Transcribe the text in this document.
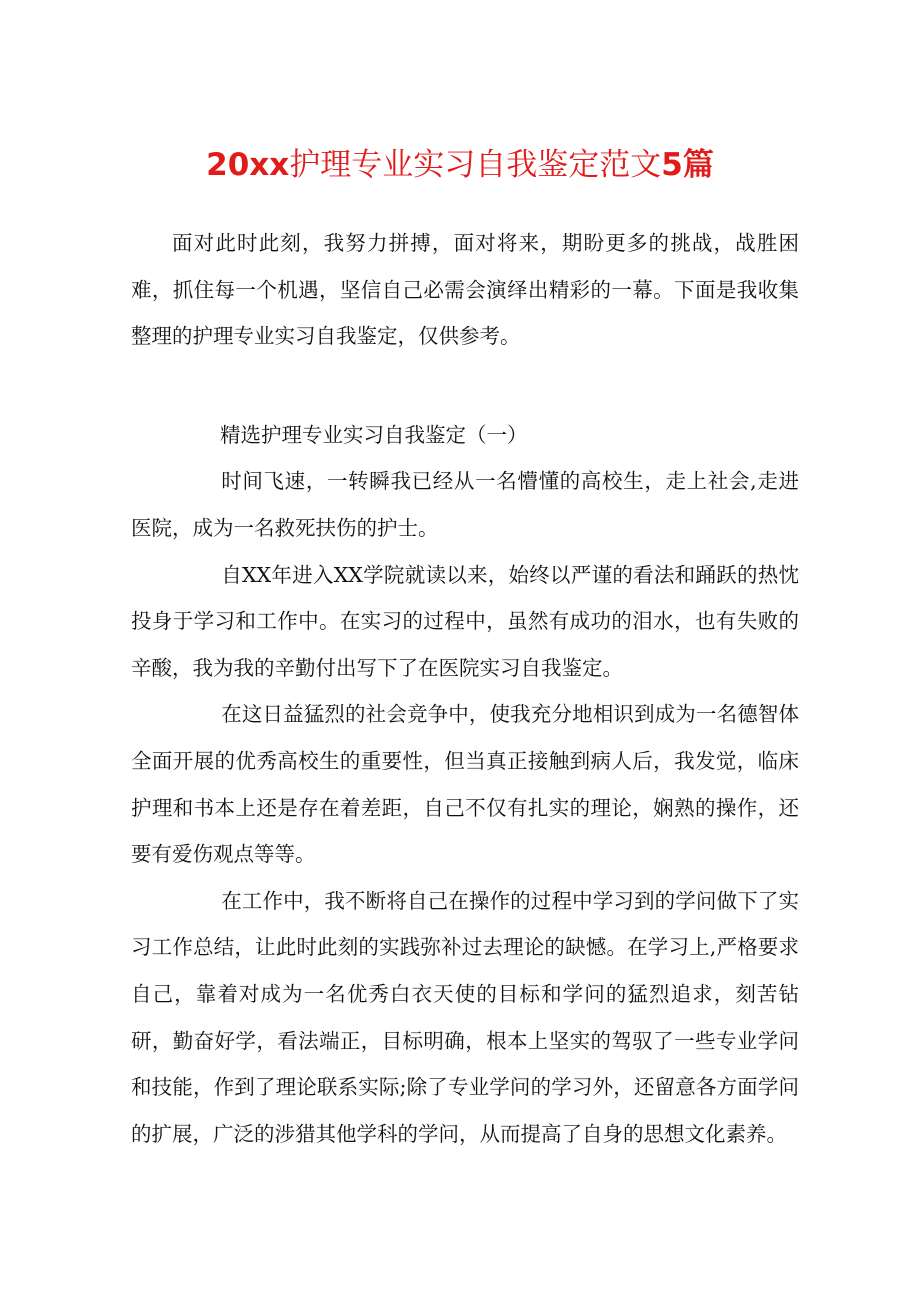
20xx护理专业实习自我鉴定范文5篇

面对此时此刻，我努力拼搏，面对将来，期盼更多的挑战，战胜困难，抓住每一个机遇，坚信自己必需会演绎出精彩的一幕。下面是我收集整理的护理专业实习自我鉴定，仅供参考。

精选护理专业实习自我鉴定（一）

时间飞速，一转瞬我已经从一名懵懂的高校生，走上社会,走进医院，成为一名救死扶伤的护士。

自XX年进入XX学院就读以来，始终以严谨的看法和踊跃的热忱投身于学习和工作中。在实习的过程中，虽然有成功的泪水，也有失败的辛酸，我为我的辛勤付出写下了在医院实习自我鉴定。

在这日益猛烈的社会竞争中，使我充分地相识到成为一名德智体全面开展的优秀高校生的重要性，但当真正接触到病人后，我发觉，临床护理和书本上还是存在着差距，自己不仅有扎实的理论，娴熟的操作，还要有爱伤观点等等。

在工作中，我不断将自己在操作的过程中学习到的学问做下了实习工作总结，让此时此刻的实践弥补过去理论的缺憾。在学习上,严格要求自己，靠着对成为一名优秀白衣天使的目标和学问的猛烈追求，刻苦钻研，勤奋好学，看法端正，目标明确，根本上坚实的驾驭了一些专业学问和技能，作到了理论联系实际;除了专业学问的学习外，还留意各方面学问的扩展，广泛的涉猎其他学科的学问，从而提高了自身的思想文化素养。
